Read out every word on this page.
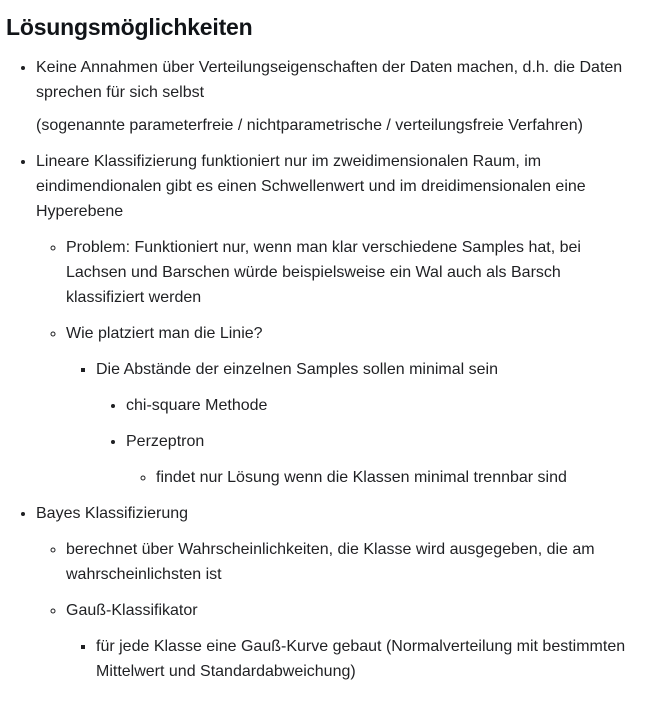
Lösungsmöglichkeiten
• Keine Annahmen über Verteilungseigenschaften der Daten machen, d.h. die Daten sprechen für sich selbst

(sogenannte parameterfreie / nichtparametrische / verteilungsfreie Verfahren)

• Lineare Klassifizierung funktioniert nur im zweidimensionalen Raum, im eindimendionalen gibt es einen Schwellenwert und im dreidimensionalen eine Hyperebene
◦ Problem: Funktioniert nur, wenn man klar verschiedene Samples hat, bei Lachsen und Barschen würde beispielsweise ein Wal auch als Barsch klassifiziert werden
◦ Wie platziert man die Linie?
▪ Die Abstände der einzelnen Samples sollen minimal sein
• chi-square Methode
• Perzeptron
◦ findet nur Lösung wenn die Klassen minimal trennbar sind
• Bayes Klassifizierung
◦ berechnet über Wahrscheinlichkeiten, die Klasse wird ausgegeben, die am wahrscheinlichsten ist
◦ Gauß-Klassifikator
▪ für jede Klasse eine Gauß-Kurve gebaut (Normalverteilung mit bestimmten Mittelwert und Standardabweichung)
